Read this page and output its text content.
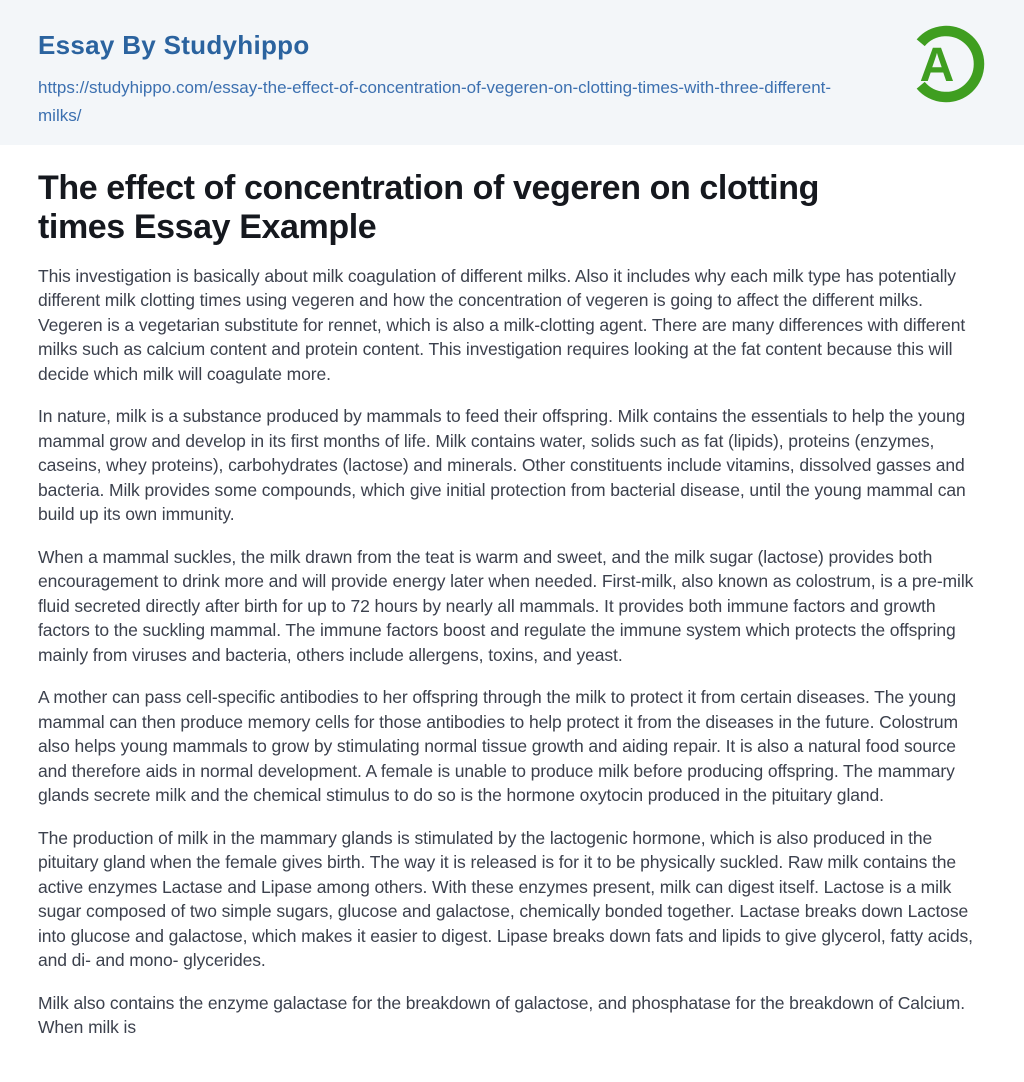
Essay By Studyhippo
https://studyhippo.com/essay-the-effect-of-concentration-of-vegeren-on-clotting-times-with-three-different-milks/
A
The effect of concentration of vegeren on clotting times Essay Example

This investigation is basically about milk coagulation of different milks. Also it includes why each milk type has potentially different milk clotting times using vegeren and how the concentration of vegeren is going to affect the different milks. Vegeren is a vegetarian substitute for rennet, which is also a milk-clotting agent. There are many differences with different milks such as calcium content and protein content. This investigation requires looking at the fat content because this will decide which milk will coagulate more.

In nature, milk is a substance produced by mammals to feed their offspring. Milk contains the essentials to help the young mammal grow and develop in its first months of life. Milk contains water, solids such as fat (lipids), proteins (enzymes, caseins, whey proteins), carbohydrates (lactose) and minerals. Other constituents include vitamins, dissolved gasses and bacteria. Milk provides some compounds, which give initial protection from bacterial disease, until the young mammal can build up its own immunity.

When a mammal suckles, the milk drawn from the teat is warm and sweet, and the milk sugar (lactose) provides both encouragement to drink more and will provide energy later when needed. First-milk, also known as colostrum, is a pre-milk fluid secreted directly after birth for up to 72 hours by nearly all mammals. It provides both immune factors and growth factors to the suckling mammal. The immune factors boost and regulate the immune system which protects the offspring mainly from viruses and bacteria, others include allergens, toxins, and yeast.

A mother can pass cell-specific antibodies to her offspring through the milk to protect it from certain diseases. The young mammal can then produce memory cells for those antibodies to help protect it from the diseases in the future. Colostrum also helps young mammals to grow by stimulating normal tissue growth and aiding repair. It is also a natural food source and therefore aids in normal development. A female is unable to produce milk before producing offspring. The mammary glands secrete milk and the chemical stimulus to do so is the hormone oxytocin produced in the pituitary gland.

The production of milk in the mammary glands is stimulated by the lactogenic hormone, which is also produced in the pituitary gland when the female gives birth. The way it is released is for it to be physically suckled. Raw milk contains the active enzymes Lactase and Lipase among others. With these enzymes present, milk can digest itself. Lactose is a milk sugar composed of two simple sugars, glucose and galactose, chemically bonded together. Lactase breaks down Lactose into glucose and galactose, which makes it easier to digest. Lipase breaks down fats and lipids to give glycerol, fatty acids, and di- and mono- glycerides.

Milk also contains the enzyme galactase for the breakdown of galactose, and phosphatase for the breakdown of Calcium. When milk is
